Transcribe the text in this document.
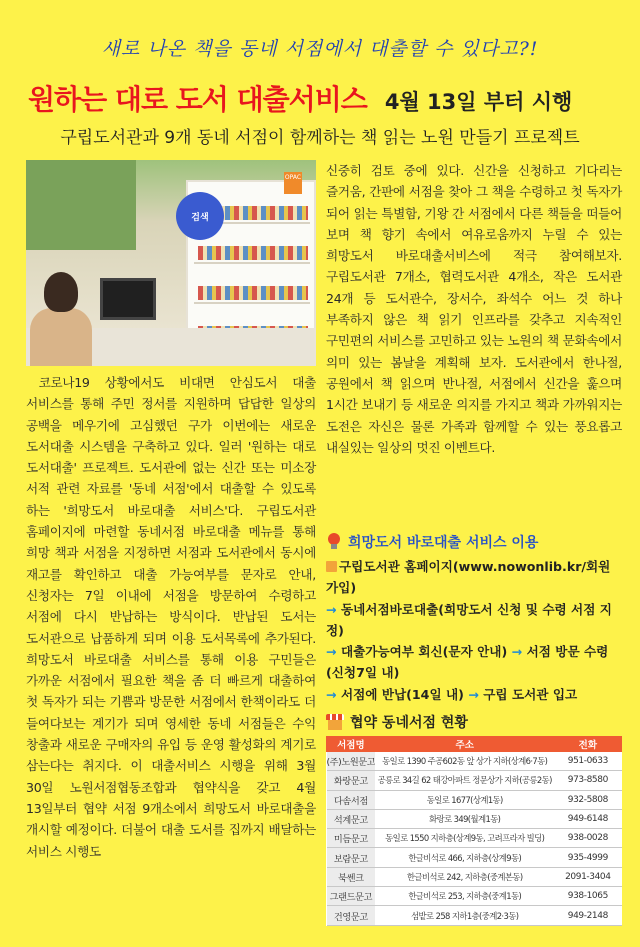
새로 나온 책을 동네 서점에서 대출할 수 있다고?!
원하는 대로 도서 대출서비스 4월 13일 부터 시행
구립도서관과 9개 동네 서점이 함께하는 책 읽는 노원 만들기 프로젝트
OPAC
검색

코로나19 상황에서도 비대면 안심도서 대출 서비스를 통해 주민 정서를 지원하며 답답한 일상의 공백을 메우기에 고심했던 구가 이번에는 새로운 도서대출 시스템을 구축하고 있다. 일러 '원하는 대로 도서대출' 프로젝트. 도서관에 없는 신간 또는 미소장 서적 관련 자료를 '동네 서점'에서 대출할 수 있도록 하는 '희망도서 바로대출 서비스'다. 구립도서관 홈페이지에 마련할 동네서점 바로대출 메뉴를 통해 희망 책과 서점을 지정하면 서점과 도서관에서 동시에 재고를 확인하고 대출 가능여부를 문자로 안내, 신청자는 7일 이내에 서점을 방문하여 수령하고 서점에 다시 반납하는 방식이다. 반납된 도서는 도서관으로 납품하게 되며 이용 도서목록에 추가된다. 희망도서 바로대출 서비스를 통해 이용 구민들은 가까운 서점에서 필요한 책을 좀 더 빠르게 대출하여 첫 독자가 되는 기쁨과 방문한 서점에서 한책이라도 더 들여다보는 계기가 되며 영세한 동네 서점들은 수익 창출과 새로운 구매자의 유입 등 운영 활성화의 계기로 삼는다는 취지다. 이 대출서비스 시행을 위해 3월 30일 노원서점협동조합과 협약식을 갖고 4월 13일부터 협약 서점 9개소에서 희망도서 바로대출을 개시할 예정이다. 더불어 대출 도서를 집까지 배달하는 서비스 시행도

신중히 검토 중에 있다. 신간을 신청하고 기다리는 즐거움, 간판에 서점을 찾아 그 책을 수령하고 첫 독자가 되어 읽는 특별함, 기왕 간 서점에서 다른 책들을 떠들어 보며 책 향기 속에서 여유로움까지 누릴 수 있는 희망도서 바로대출서비스에 적극 참여해보자. 구립도서관 7개소, 협력도서관 4개소, 작은 도서관 24개 등 도서관수, 장서수, 좌석수 어느 것 하나 부족하지 않은 책 읽기 인프라를 갖추고 지속적인 구민편의 서비스를 고민하고 있는 노원의 책 문화속에서 의미 있는 봄날을 계획해 보자. 도서관에서 한나절, 공원에서 책 읽으며 반나절, 서점에서 신간을 훑으며 1시간 보내기 등 새로운 의지를 가지고 책과 가까워지는 도전은 자신은 물론 가족과 함께할 수 있는 풍요롭고 내실있는 일상의 멋진 이벤트다.

희망도서 바로대출 서비스 이용
구립도서관 홈페이지(www.nowonlib.kr/회원 가입)
→ 동네서점바로대출(희망도서 신청 및 수령 서점 지정)
→ 대출가능여부 회신(문자 안내) → 서점 방문 수령(신청7일 내)
→ 서점에 반납(14일 내) → 구립 도서관 입고
협약 동네서점 현황
서점명	주소	전화
(주)노원문고	동일로 1390 주공602동 앞 상가 지하(상계6·7동)	951-0633
화랑문고	공릉로 34길 62 태강아파트 정문상가 지하(공릉2동)	973-8580
다솜서점	동일로 1677(상계1동)	932-5808
석계문고	화랑로 349(월계1동)	949-6148
미듬문고	동일로 1550 지하층(상계9동, 고려프라자 빌딩)	938-0028
보람문고	한글비석로 466, 지하층(상계9동)	935-4999
북쎈크	한글비석로 242, 지하층(중계본동)	2091-3404
그랜드문고	한글비석로 253, 지하층(중계1동)	938-1065
건영문고	섬밭로 258 지하1층(중계2·3동)	949-2148
